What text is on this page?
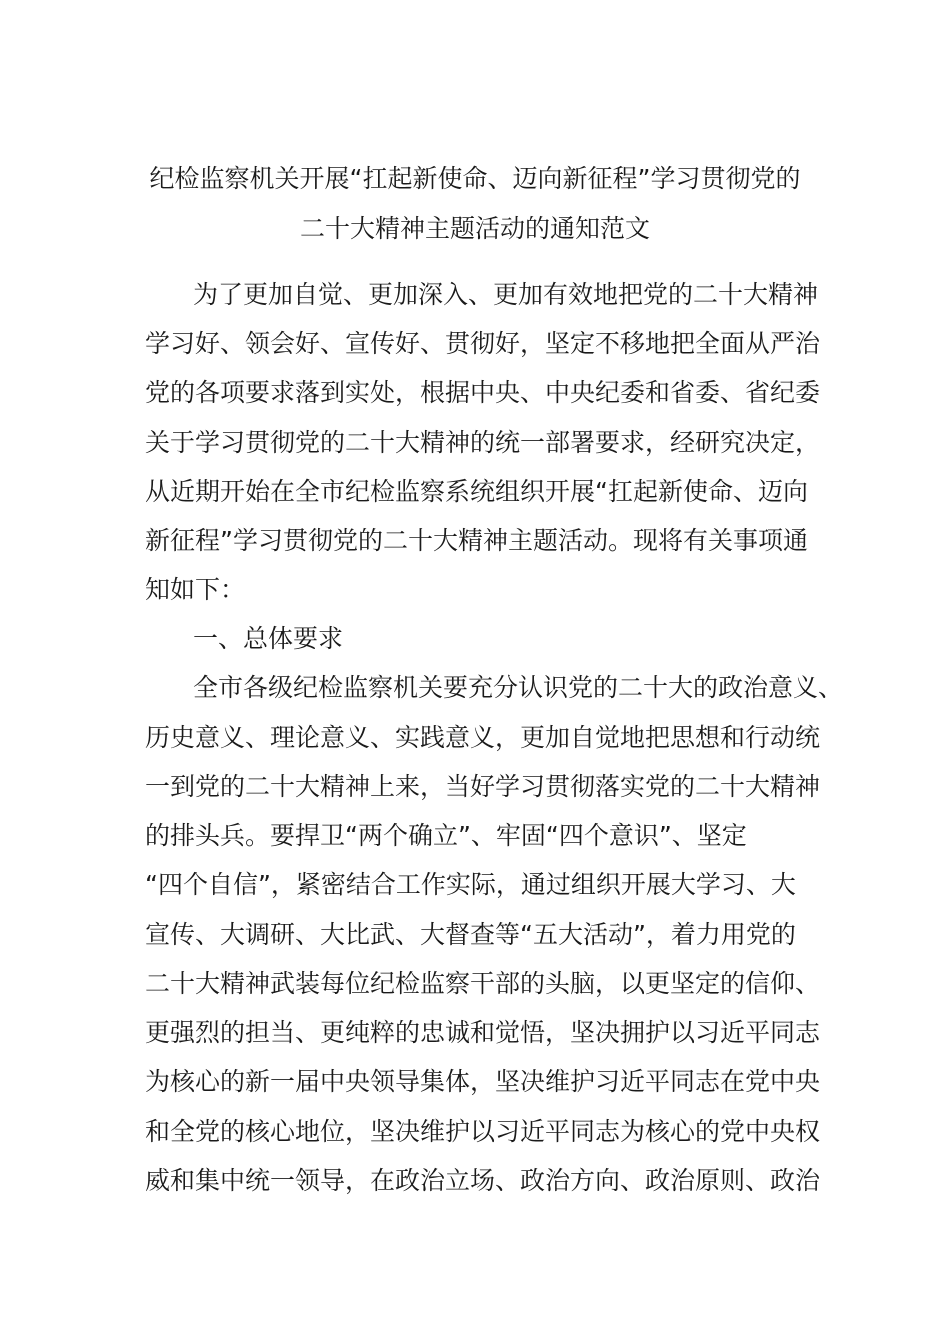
纪检监察机关开展“扛起新使命、迈向新征程”学习贯彻党的
二十大精神主题活动的通知范文
为了更加自觉、更加深入、更加有效地把党的二十大精神
学习好、领会好、宣传好、贯彻好，坚定不移地把全面从严治
党的各项要求落到实处，根据中央、中央纪委和省委、省纪委
关于学习贯彻党的二十大精神的统一部署要求，经研究决定，
从近期开始在全市纪检监察系统组织开展“扛起新使命、迈向
新征程”学习贯彻党的二十大精神主题活动。现将有关事项通
知如下：
一、总体要求
全市各级纪检监察机关要充分认识党的二十大的政治意义、
历史意义、理论意义、实践意义，更加自觉地把思想和行动统
一到党的二十大精神上来，当好学习贯彻落实党的二十大精神
的排头兵。要捍卫“两个确立”、牢固“四个意识”、坚定
“四个自信”，紧密结合工作实际，通过组织开展大学习、大
宣传、大调研、大比武、大督查等“五大活动”，着力用党的
二十大精神武装每位纪检监察干部的头脑，以更坚定的信仰、
更强烈的担当、更纯粹的忠诚和觉悟，坚决拥护以习近平同志
为核心的新一届中央领导集体，坚决维护习近平同志在党中央
和全党的核心地位，坚决维护以习近平同志为核心的党中央权
威和集中统一领导，在政治立场、政治方向、政治原则、政治
